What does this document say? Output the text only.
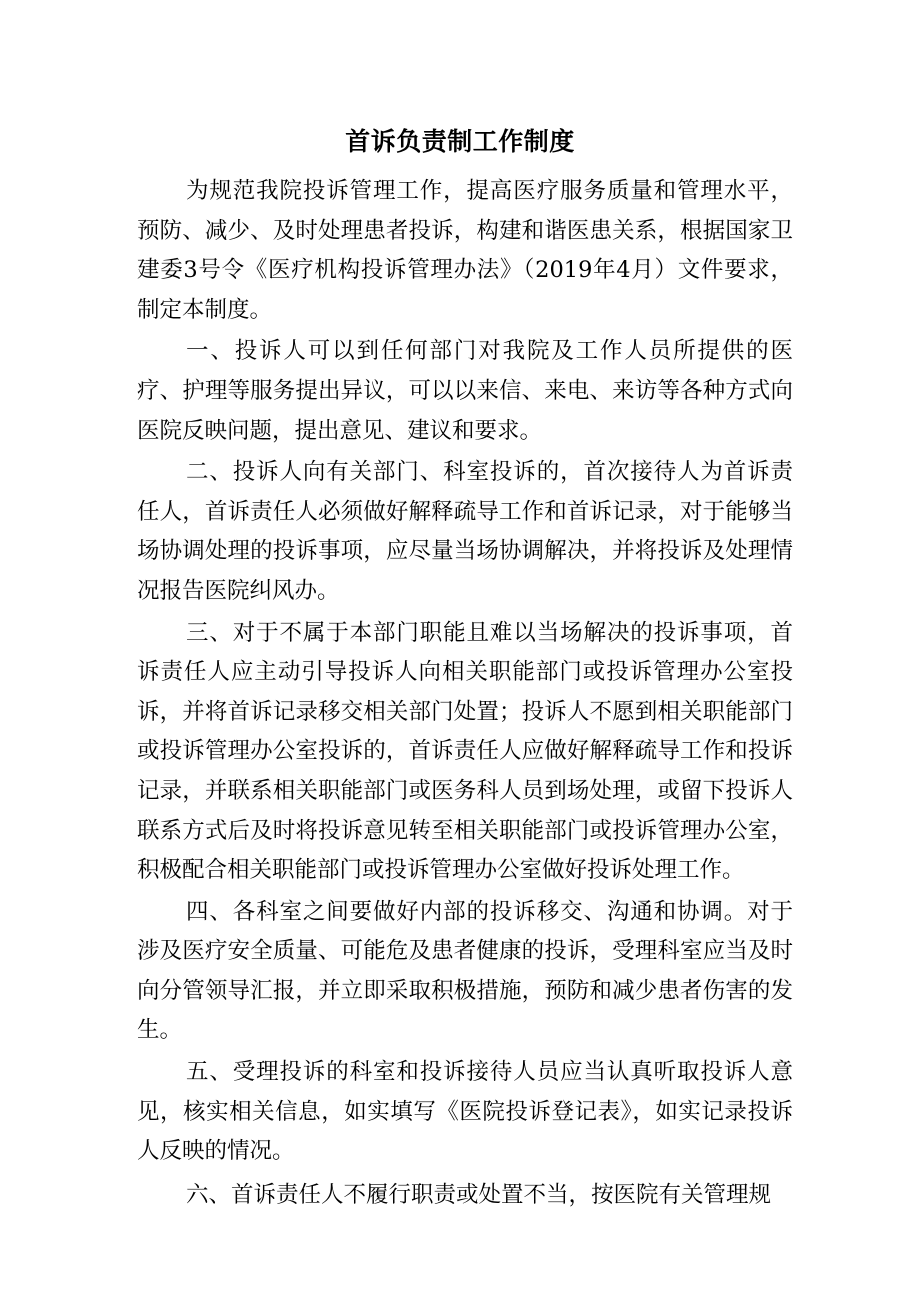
首诉负责制工作制度

为规范我院投诉管理工作，提高医疗服务质量和管理水平，预防、减少、及时处理患者投诉，构建和谐医患关系，根据国家卫建委3号令《医疗机构投诉管理办法》（2019年4月）文件要求，制定本制度。

一、投诉人可以到任何部门对我院及工作人员所提供的医疗、护理等服务提出异议，可以以来信、来电、来访等各种方式向医院反映问题，提出意见、建议和要求。

二、投诉人向有关部门、科室投诉的，首次接待人为首诉责任人，首诉责任人必须做好解释疏导工作和首诉记录，对于能够当场协调处理的投诉事项，应尽量当场协调解决，并将投诉及处理情况报告医院纠风办。

三、对于不属于本部门职能且难以当场解决的投诉事项，首诉责任人应主动引导投诉人向相关职能部门或投诉管理办公室投诉，并将首诉记录移交相关部门处置；投诉人不愿到相关职能部门或投诉管理办公室投诉的，首诉责任人应做好解释疏导工作和投诉记录，并联系相关职能部门或医务科人员到场处理，或留下投诉人联系方式后及时将投诉意见转至相关职能部门或投诉管理办公室，积极配合相关职能部门或投诉管理办公室做好投诉处理工作。

四、各科室之间要做好内部的投诉移交、沟通和协调。对于涉及医疗安全质量、可能危及患者健康的投诉，受理科室应当及时向分管领导汇报，并立即采取积极措施，预防和减少患者伤害的发生。

五、受理投诉的科室和投诉接待人员应当认真听取投诉人意见，核实相关信息，如实填写《医院投诉登记表》，如实记录投诉人反映的情况。

六、首诉责任人不履行职责或处置不当，按医院有关管理规
